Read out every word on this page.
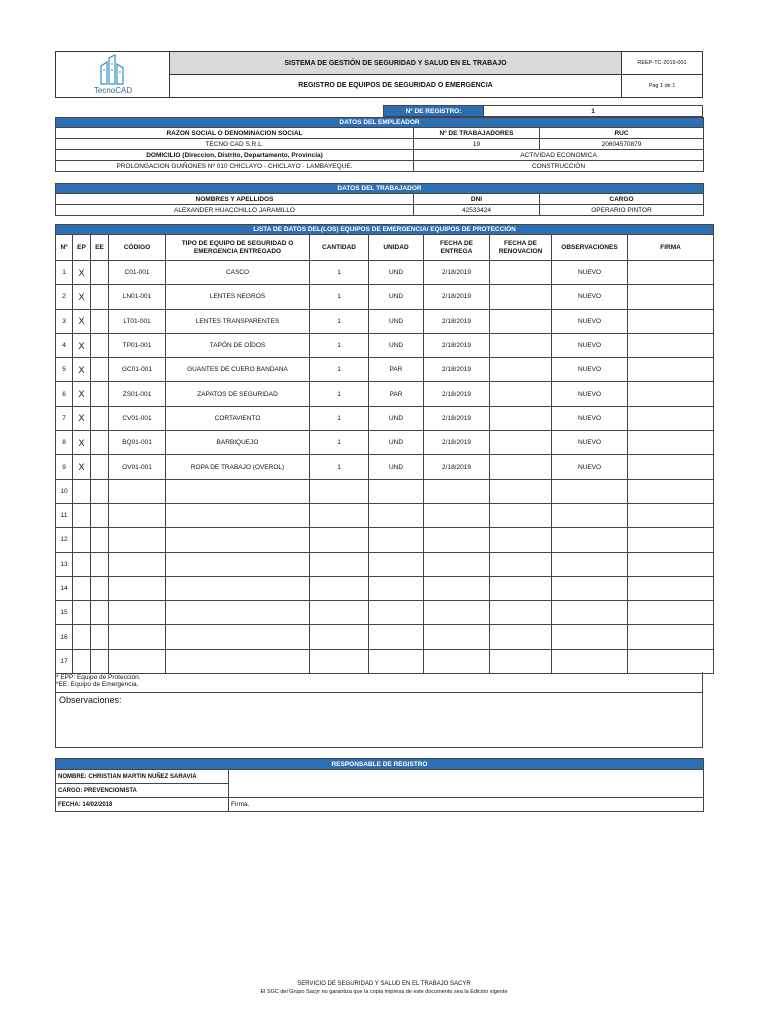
TecnoCAD
SISTEMA DE GESTIÓN DE SEGURIDAD Y SALUD EN EL TRABAJO	REEP-TC-2019-001
REGISTRO DE EQUIPOS DE SEGURIDAD O EMERGENCIA	Pag 1 de 1
Nº DE REGISTRO:	1
DATOS DEL EMPLEADOR		
RAZON SOCIAL O DENOMINACION SOCIAL	Nº DE TRABAJADORES	RUC
TECNO CAD S.R.L.	19	20604570879
DOMICILIO (Direccion, Distrito, Departamento, Provincia)	ACTIVIDAD ECONOMICA	
PROLONGACION GUIÑONES Nº 010 CHICLAYO - CHICLAYO - LAMBAYEQUE.	CONSTRUCCIÓN	
DATOS DEL TRABAJADOR		
NOMBRES Y APELLIDOS	DNI	CARGO
ALEXANDER HUACCHILLO JARAMILLO	42533424	OPERARIO PINTOR
LISTA DE DATOS DEL(LOS) EQUIPOS DE EMERGENCIA/ EQUIPOS DE PROTECCIÓN										
Nº	EP	EE	CÓDIGO	TIPO DE EQUIPO DE SEGURIDAD O EMERGENCIA ENTREGADO	CANTIDAD	UNIDAD	FECHA DE ENTREGA	FECHA DE RENOVACION	OBSERVACIONES	FIRMA
1	X		C01-001	CASCO	1	UND	2/18/2019		NUEVO	
2	X		LN01-001	LENTES NEGROS	1	UND	2/18/2019		NUEVO	
3	X		LT01-001	LENTES TRANSPARENTES	1	UND	2/18/2019		NUEVO	
4	X		TP01-001	TAPÓN DE OÍDOS	1	UND	2/18/2019		NUEVO	
5	X		GC01-001	GUANTES DE CUERO BANDANA	1	PAR	2/18/2019		NUEVO	
6	X		ZS01-001	ZAPATOS DE SEGURIDAD	1	PAR	2/18/2019		NUEVO	
7	X		CV01-001	CORTAVIENTO	1	UND	2/18/2019		NUEVO	
8	X		BQ01-001	BARBIQUEJO	1	UND	2/18/2019		NUEVO	
9	X		OV01-001	ROPA DE TRABAJO (OVEROL)	1	UND	2/18/2019		NUEVO	
10										
11										
12										
13										
14										
15										
16										
17										
* EPP: Equipo de Protección.
*EE: Equipo de Emergencia.
Observaciones:
RESPONSABLE DE REGISTRO	
NOMBRE: CHRISTIAN MARTIN NUÑEZ SARAVIA	
CARGO: PREVENCIONISTA	
FECHA: 14/02/2018	Firma.
SERVICIO DE SEGURIDAD Y SALUD EN EL TRABAJO SACYR
El SGC del Grupo Sacyr no garantiza que la copia impresa de este documento sea la Edición vigente
